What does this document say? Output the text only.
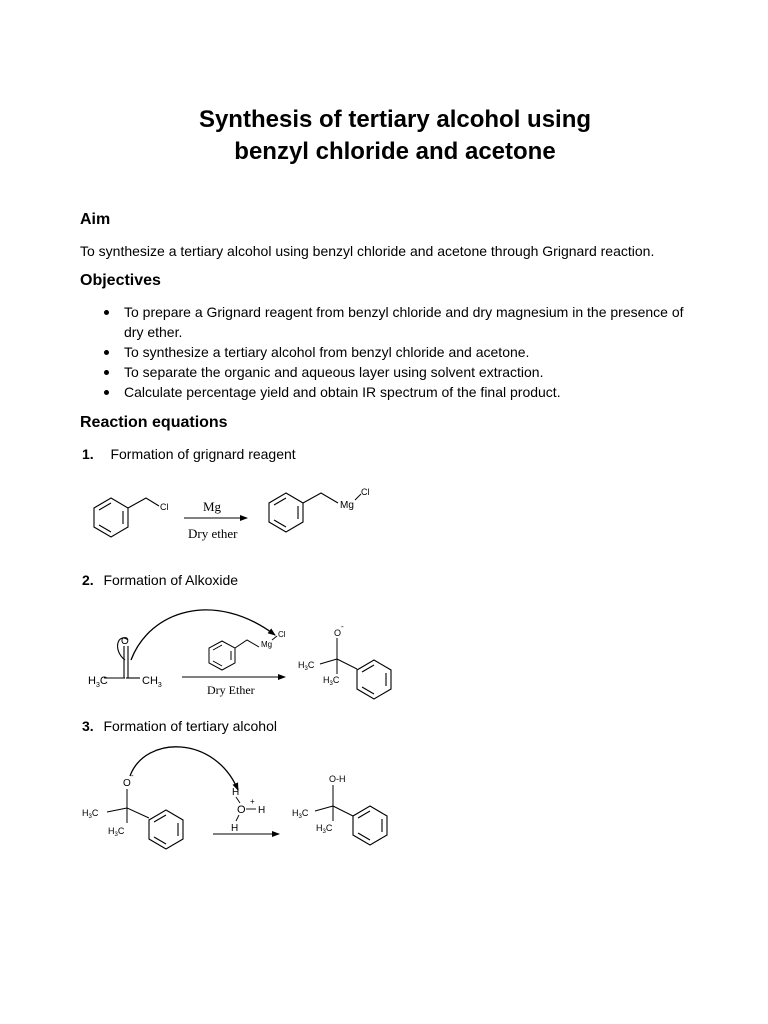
Synthesis of tertiary alcohol using
benzyl chloride and acetone
Aim
To synthesize a tertiary alcohol using benzyl chloride and acetone through Grignard reaction.
Objectives
To prepare a Grignard reagent from benzyl chloride and dry magnesium in the presence of dry ether.
To synthesize a tertiary alcohol from benzyl chloride and acetone.
To separate the organic and aqueous layer using solvent extraction.
Calculate percentage yield and obtain IR spectrum of the final product.
Reaction equations
1. Formation of grignard reagent
2. Formation of Alkoxide
3. Formation of tertiary alcohol
Cl	Mg
Dry ether
Mg
Cl
O
$H_3C$	$CH_3$
Mg
Cl
Dry Ether
O
-
$H_3C$
$H_3C$
O
-
$H_3C$
$H_3C$
H
O
+
H
H
O-H
$H_3C$
$H_3C$
